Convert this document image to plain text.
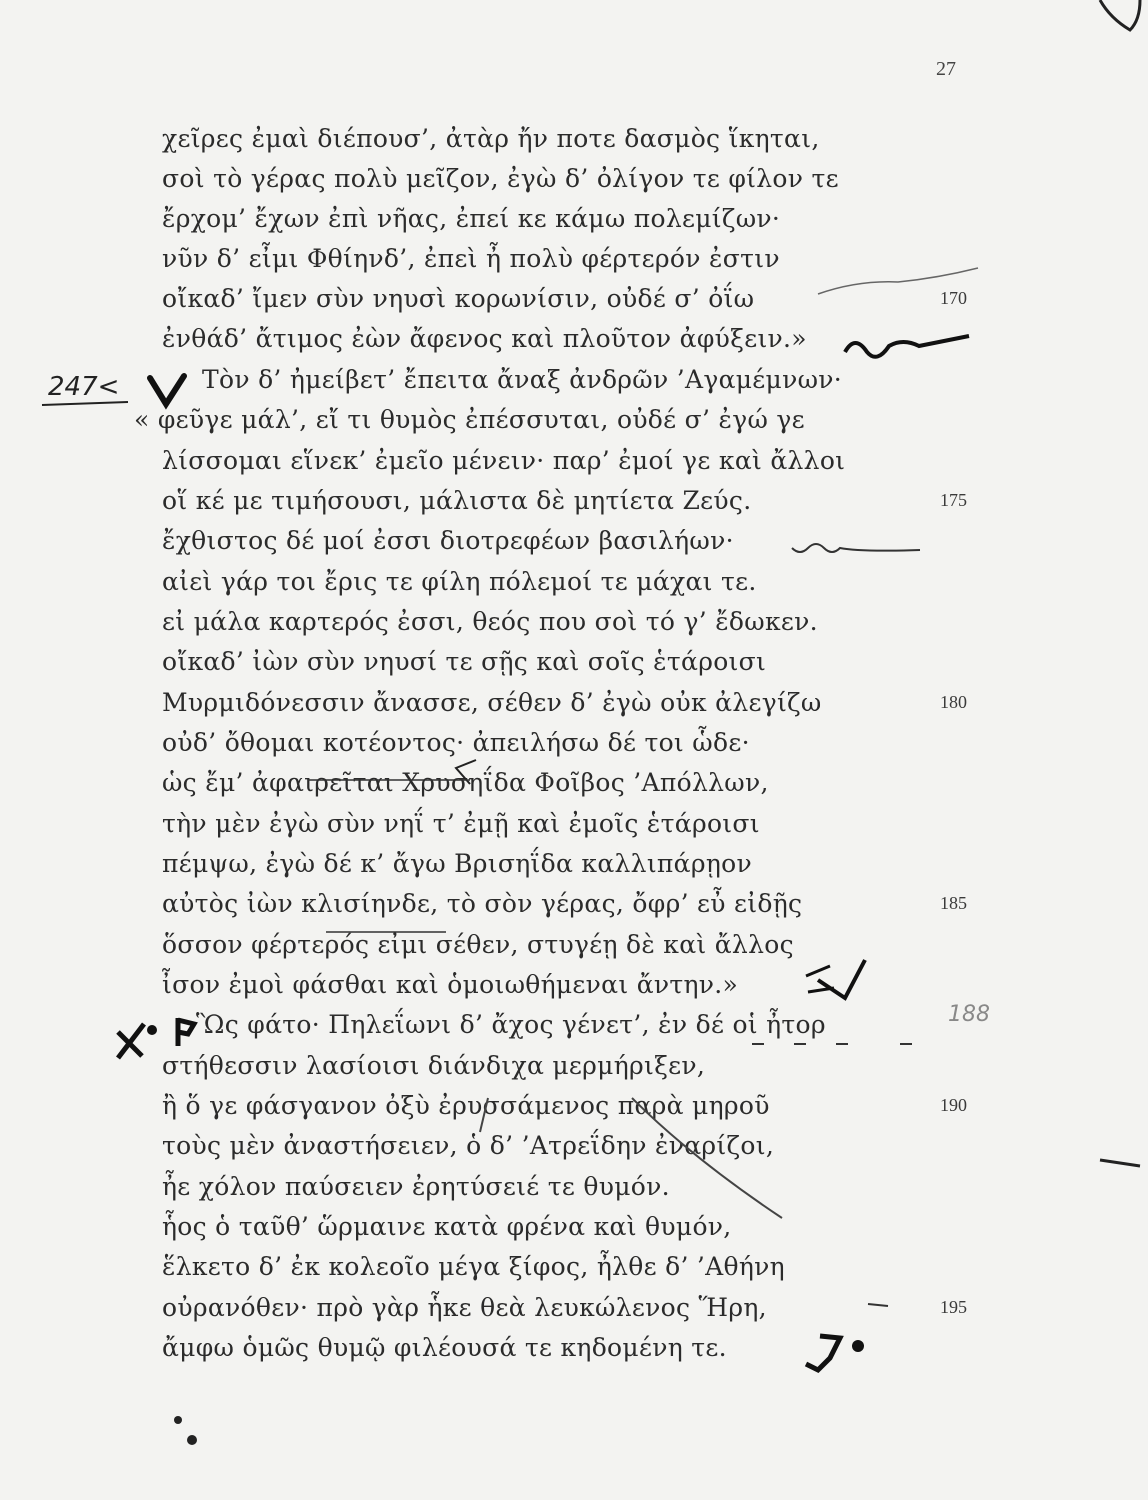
27
χεῖρες ἐμαὶ διέπουσ’, ἀτὰρ ἤν ποτε δασμὸς ἵκηται,
σοὶ τὸ γέρας πολὺ μεῖζον, ἐγὼ δ’ ὀλίγον τε φίλον τε
ἔρχομ’ ἔχων ἐπὶ νῆας, ἐπεί κε κάμω πολεμίζων·
νῦν δ’ εἶμι Φθίηνδ’, ἐπεὶ ἦ πολὺ φέρτερόν ἐστιν
οἴκαδ’ ἴμεν σὺν νηυσὶ κορωνίσιν, οὐδέ σ’ ὀΐω	170
ἐνθάδ’ ἄτιμος ἐὼν ἄφενος καὶ πλοῦτον ἀφύξειν.»
Τὸν δ’ ἠμείβετ’ ἔπειτα ἄναξ ἀνδρῶν ’Αγαμέμνων·
« φεῦγε μάλ’, εἴ τι θυμὸς ἐπέσσυται, οὐδέ σ’ ἐγώ γε
λίσσομαι εἵνεκ’ ἐμεῖο μένειν· παρ’ ἐμοί γε καὶ ἄλλοι
οἵ κέ με τιμήσουσι, μάλιστα δὲ μητίετα Ζεύς.	175
ἔχθιστος δέ μοί ἐσσι διοτρεφέων βασιλήων·
αἰεὶ γάρ τοι ἔρις τε φίλη πόλεμοί τε μάχαι τε.
εἰ μάλα καρτερός ἐσσι, θεός που σοὶ τό γ’ ἔδωκεν.
οἴκαδ’ ἰὼν σὺν νηυσί τε σῇς καὶ σοῖς ἑτάροισι
Μυρμιδόνεσσιν ἄνασσε, σέθεν δ’ ἐγὼ οὐκ ἀλεγίζω	180
οὐδ’ ὄθομαι κοτέοντος· ἀπειλήσω δέ τοι ὧδε·
ὡς ἔμ’ ἀφαιρεῖται Χρυσηΐδα Φοῖβος ’Απόλλων,
τὴν μὲν ἐγὼ σὺν νηΐ τ’ ἐμῇ καὶ ἐμοῖς ἑτάροισι
πέμψω, ἐγὼ δέ κ’ ἄγω Βρισηΐδα καλλιπάρῃον
αὐτὸς ἰὼν κλισίηνδε, τὸ σὸν γέρας, ὄφρ’ εὖ εἰδῇς	185
ὅσσον φέρτερός εἰμι σέθεν, στυγέῃ δὲ καὶ ἄλλος
ἶσον ἐμοὶ φάσθαι καὶ ὁμοιωθήμεναι ἄντην.»
Ὣς φάτο· Πηλεΐωνι δ’ ἄχος γένετ’, ἐν δέ οἱ ἦτορ
στήθεσσιν λασίοισι διάνδιχα μερμήριξεν,
ἢ ὅ γε φάσγανον ὀξὺ ἐρυσσάμενος παρὰ μηροῦ	190
τοὺς μὲν ἀναστήσειεν, ὁ δ’ ’Ατρεΐδην ἐναρίζοι,
ἦε χόλον παύσειεν ἐρητύσειέ τε θυμόν.
ἧος ὁ ταῦθ’ ὥρμαινε κατὰ φρένα καὶ θυμόν,
ἕλκετο δ’ ἐκ κολεοῖο μέγα ξίφος, ἦλθε δ’ ’Αθήνη
οὐρανόθεν· πρὸ γὰρ ἧκε θεὰ λευκώλενος Ἥρη,	195
ἄμφω ὁμῶς θυμῷ φιλέουσά τε κηδομένη τε.
247<
188
